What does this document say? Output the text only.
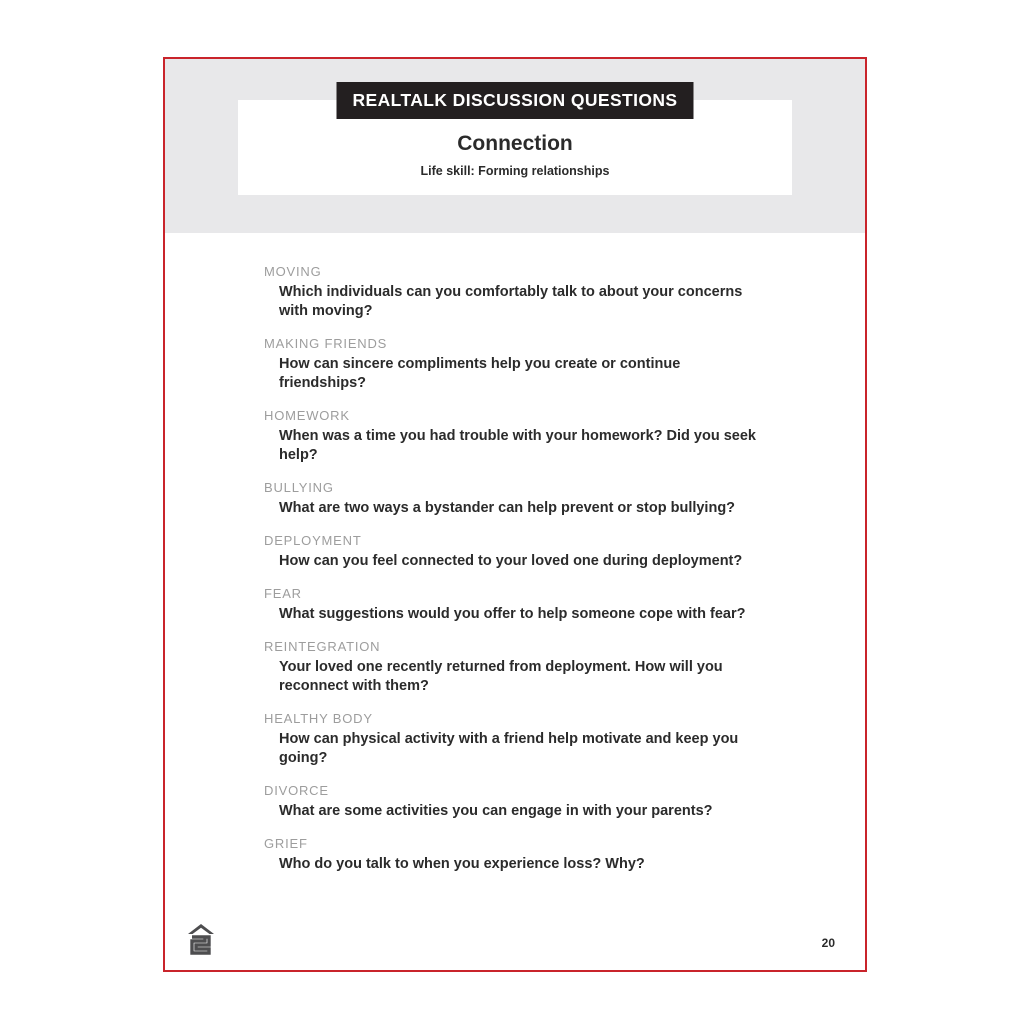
REALTALK DISCUSSION QUESTIONS
Connection
Life skill: Forming relationships
MOVING
Which individuals can you comfortably talk to about your concerns with moving?
MAKING FRIENDS
How can sincere compliments help you create or continue friendships?
HOMEWORK
When was a time you had trouble with your homework? Did you seek help?
BULLYING
What are two ways a bystander can help prevent or stop bullying?
DEPLOYMENT
How can you feel connected to your loved one during deployment?
FEAR
What suggestions would you offer to help someone cope with fear?
REINTEGRATION
Your loved one recently returned from deployment. How will you reconnect with them?
HEALTHY BODY
How can physical activity with a friend help motivate and keep you going?
DIVORCE
What are some activities you can engage in with your parents?
GRIEF
Who do you talk to when you experience loss? Why?
20
